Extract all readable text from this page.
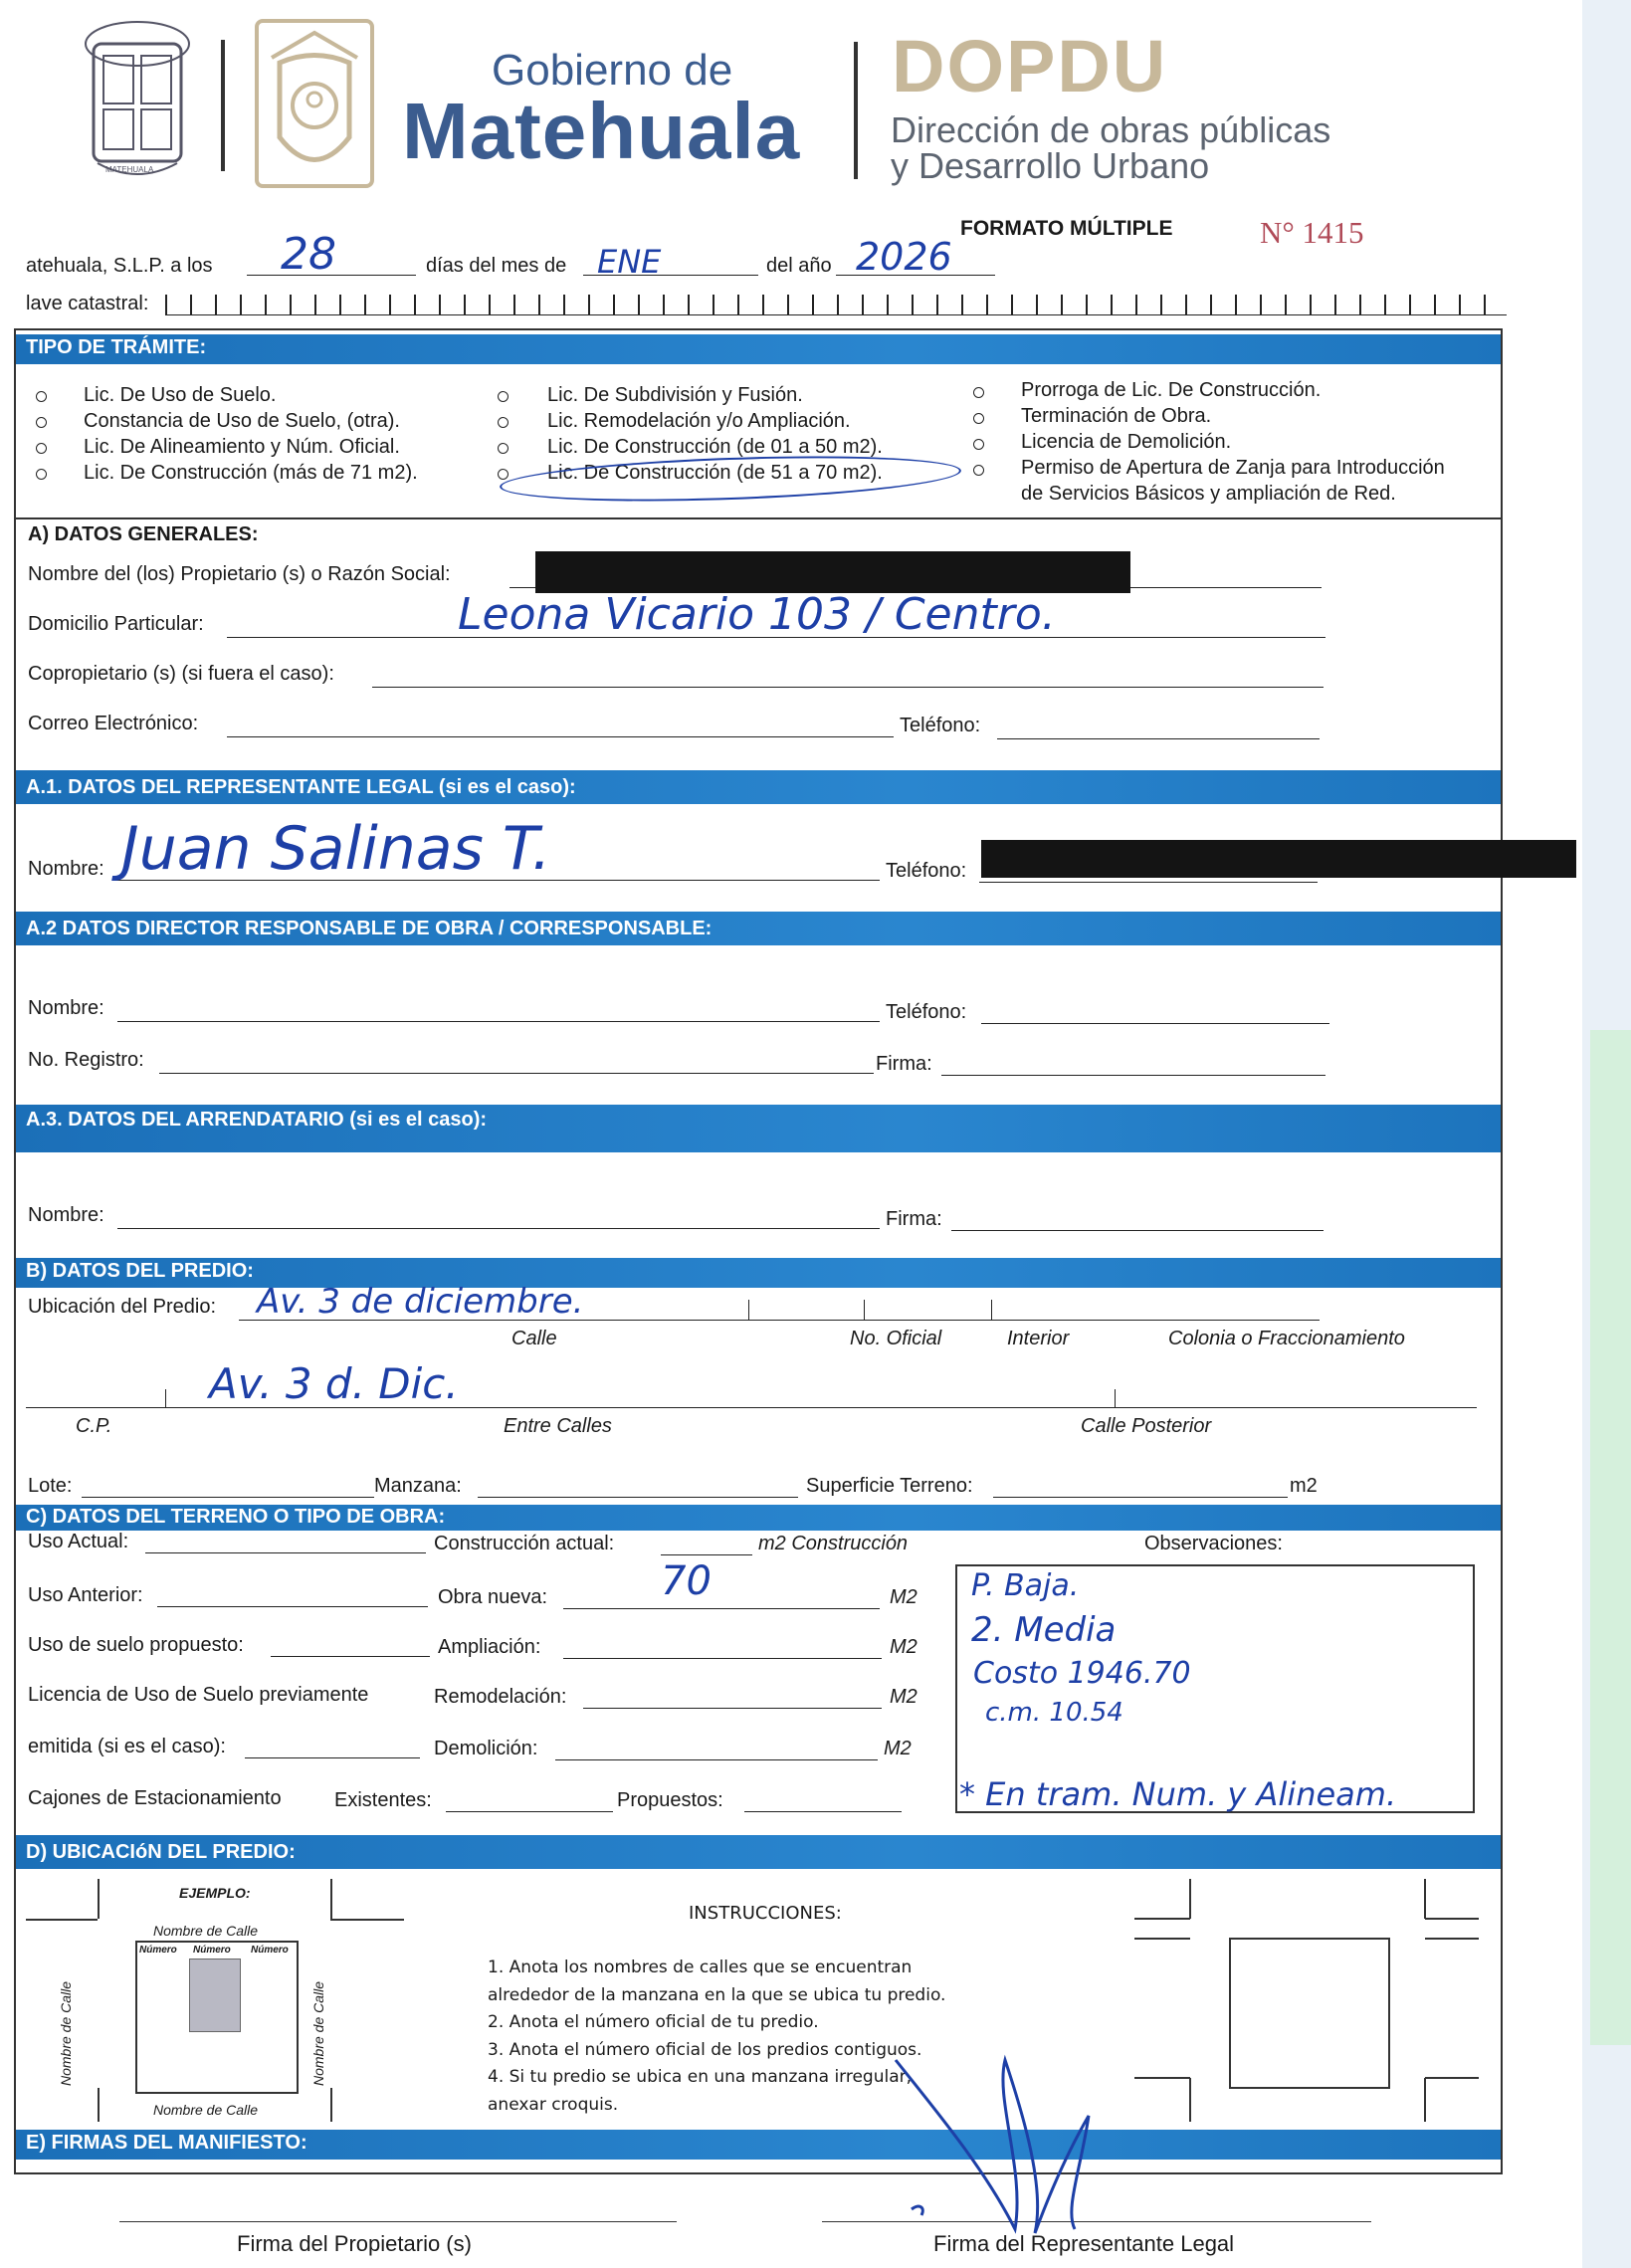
MATEHUALA
Gobierno de
Matehuala
DOPDU
Dirección de obras públicas
y Desarrollo Urbano
FORMATO MÚLTIPLE	N° 1415
atehuala, S.L.P. a los 28	días del mes de ENE	del año 2026
lave catastral:
TIPO DE TRÁMITE:
Lic. De Uso de Suelo.
Constancia de Uso de Suelo, (otra).
Lic. De Alineamiento y Núm. Oficial.
Lic. De Construcción (más de 71 m2).
Lic. De Subdivisión y Fusión.
Lic. Remodelación y/o Ampliación.
Lic. De Construcción (de 01 a 50 m2).
Lic. De Construcción (de 51 a 70 m2).
Prorroga de Lic. De Construcción.
Terminación de Obra.
Licencia de Demolición.
Permiso de Apertura de Zanja para Introducción
de Servicios Básicos y ampliación de Red.
A) DATOS GENERALES:
Nombre del (los) Propietario (s) o Razón Social:
Domicilio Particular:	Leona Vicario 103 / Centro.
Copropietario (s) (si fuera el caso):
Correo Electrónico:	Teléfono:
A.1. DATOS DEL REPRESENTANTE LEGAL (si es el caso):
Nombre: Juan Salinas T.	Teléfono:
A.2 DATOS DIRECTOR RESPONSABLE DE OBRA / CORRESPONSABLE:
Nombre:	Teléfono:
No. Registro:	Firma:
A.3. DATOS DEL ARRENDATARIO (si es el caso):
Nombre:	Firma:
B) DATOS DEL PREDIO:
Ubicación del Predio: Av. 3 de diciembre.
Calle	No. Oficial	Interior	Colonia o Fraccionamiento
Av. 3 d. Dic.
C.P.	Entre Calles	Calle Posterior
Lote:	Manzana:	Superficie Terreno:	m2
C) DATOS DEL TERRENO O TIPO DE OBRA:
Uso Actual:	Construcción actual:	m2 Construcción	Observaciones:
Uso Anterior:	Obra nueva:	70	M2
Uso de suelo propuesto:	Ampliación:	M2
Licencia de Uso de Suelo previamente	Remodelación:	M2
emitida (si es el caso):	Demolición:	M2
Cajones de Estacionamiento	Existentes:	Propuestos:
P. Baja.
2. Media
Costo 1946.70
c.m. 10.54
* En tram. Num. y Alineam.
D) UBICACIóN DEL PREDIO:
EJEMPLO:
Nombre de Calle
Nombre de Calle
Nombre de Calle	Nombre de Calle
Número Número Número
INSTRUCCIONES:
1. Anota los nombres de calles que se encuentran
alrededor de la manzana en la que se ubica tu predio.
2. Anota el número oficial de tu predio.
3. Anota el número oficial de los predios contiguos.
4. Si tu predio se ubica en una manzana irregular,
anexar croquis.
E) FIRMAS DEL MANIFIESTO:
Firma del Propietario (s)	Firma del Representante Legal
